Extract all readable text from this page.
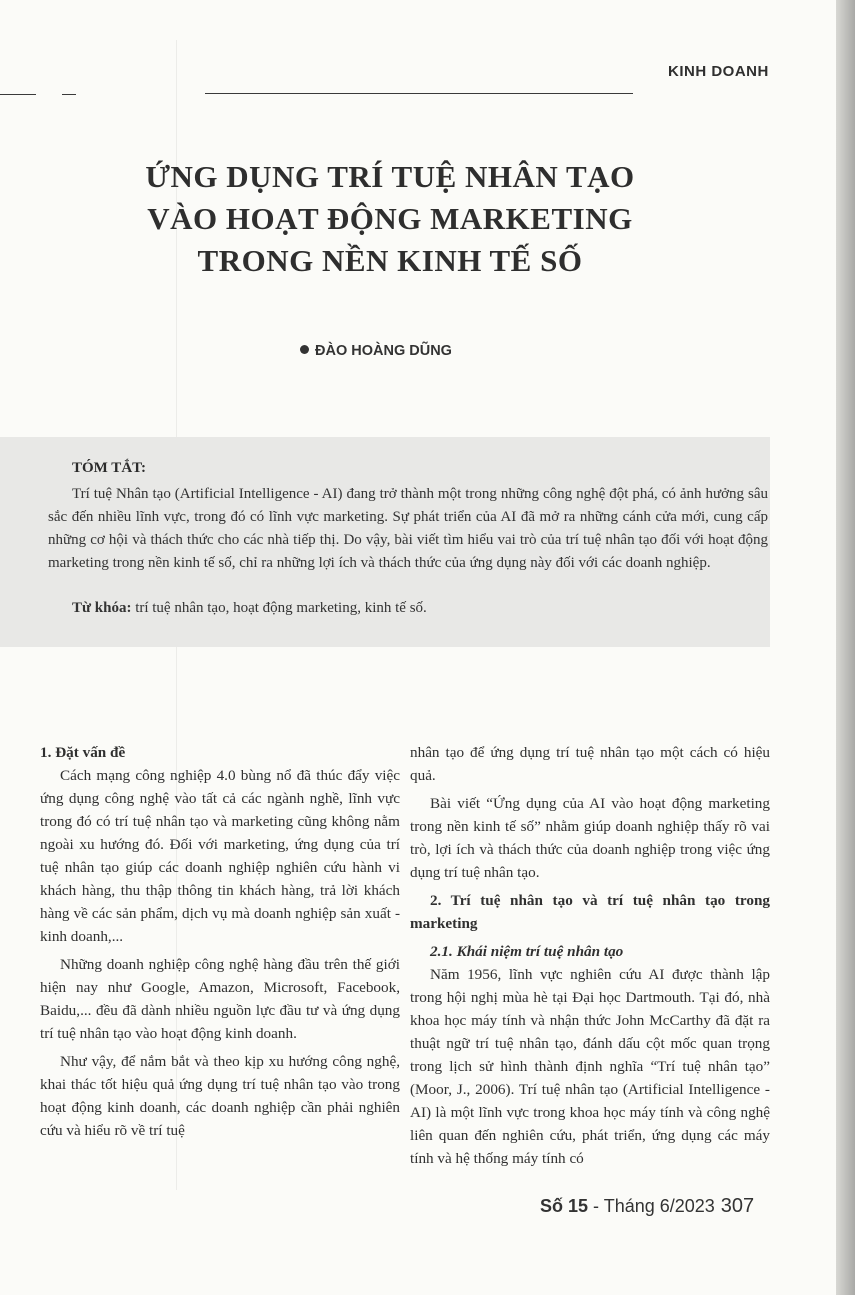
KINH DOANH
ỨNG DỤNG TRÍ TUỆ NHÂN TẠO
VÀO HOẠT ĐỘNG MARKETING
TRONG NỀN KINH TẾ SỐ
ĐÀO HOÀNG DŨNG
TÓM TẮT:

Trí tuệ Nhân tạo (Artificial Intelligence - AI) đang trở thành một trong những công nghệ đột phá, có ảnh hưởng sâu sắc đến nhiều lĩnh vực, trong đó có lĩnh vực marketing. Sự phát triển của AI đã mở ra những cánh cửa mới, cung cấp những cơ hội và thách thức cho các nhà tiếp thị. Do vậy, bài viết tìm hiểu vai trò của trí tuệ nhân tạo đối với hoạt động marketing trong nền kinh tế số, chỉ ra những lợi ích và thách thức của ứng dụng này đối với các doanh nghiệp.

Từ khóa: trí tuệ nhân tạo, hoạt động marketing, kinh tế số.

1. Đặt vấn đề

Cách mạng công nghiệp 4.0 bùng nổ đã thúc đẩy việc ứng dụng công nghệ vào tất cả các ngành nghề, lĩnh vực trong đó có trí tuệ nhân tạo và marketing cũng không nằm ngoài xu hướng đó. Đối với marketing, ứng dụng của trí tuệ nhân tạo giúp các doanh nghiệp nghiên cứu hành vi khách hàng, thu thập thông tin khách hàng, trả lời khách hàng về các sản phẩm, dịch vụ mà doanh nghiệp sản xuất - kinh doanh,...

Những doanh nghiệp công nghệ hàng đầu trên thế giới hiện nay như Google, Amazon, Microsoft, Facebook, Baidu,... đều đã dành nhiều nguồn lực đầu tư và ứng dụng trí tuệ nhân tạo vào hoạt động kinh doanh.

Như vậy, để nắm bắt và theo kịp xu hướng công nghệ, khai thác tốt hiệu quả ứng dụng trí tuệ nhân tạo vào trong hoạt động kinh doanh, các doanh nghiệp cần phải nghiên cứu và hiểu rõ về trí tuệ

nhân tạo để ứng dụng trí tuệ nhân tạo một cách có hiệu quả.

Bài viết “Ứng dụng của AI vào hoạt động marketing trong nền kinh tế số” nhằm giúp doanh nghiệp thấy rõ vai trò, lợi ích và thách thức của doanh nghiệp trong việc ứng dụng trí tuệ nhân tạo.

2. Trí tuệ nhân tạo và trí tuệ nhân tạo trong marketing

2.1. Khái niệm trí tuệ nhân tạo

Năm 1956, lĩnh vực nghiên cứu AI được thành lập trong hội nghị mùa hè tại Đại học Dartmouth. Tại đó, nhà khoa học máy tính và nhận thức John McCarthy đã đặt ra thuật ngữ trí tuệ nhân tạo, đánh dấu cột mốc quan trọng trong lịch sử hình thành định nghĩa “Trí tuệ nhân tạo” (Moor, J., 2006). Trí tuệ nhân tạo (Artificial Intelligence - AI) là một lĩnh vực trong khoa học máy tính và công nghệ liên quan đến nghiên cứu, phát triển, ứng dụng các máy tính và hệ thống máy tính có

Số 15 - Tháng 6/2023 307
